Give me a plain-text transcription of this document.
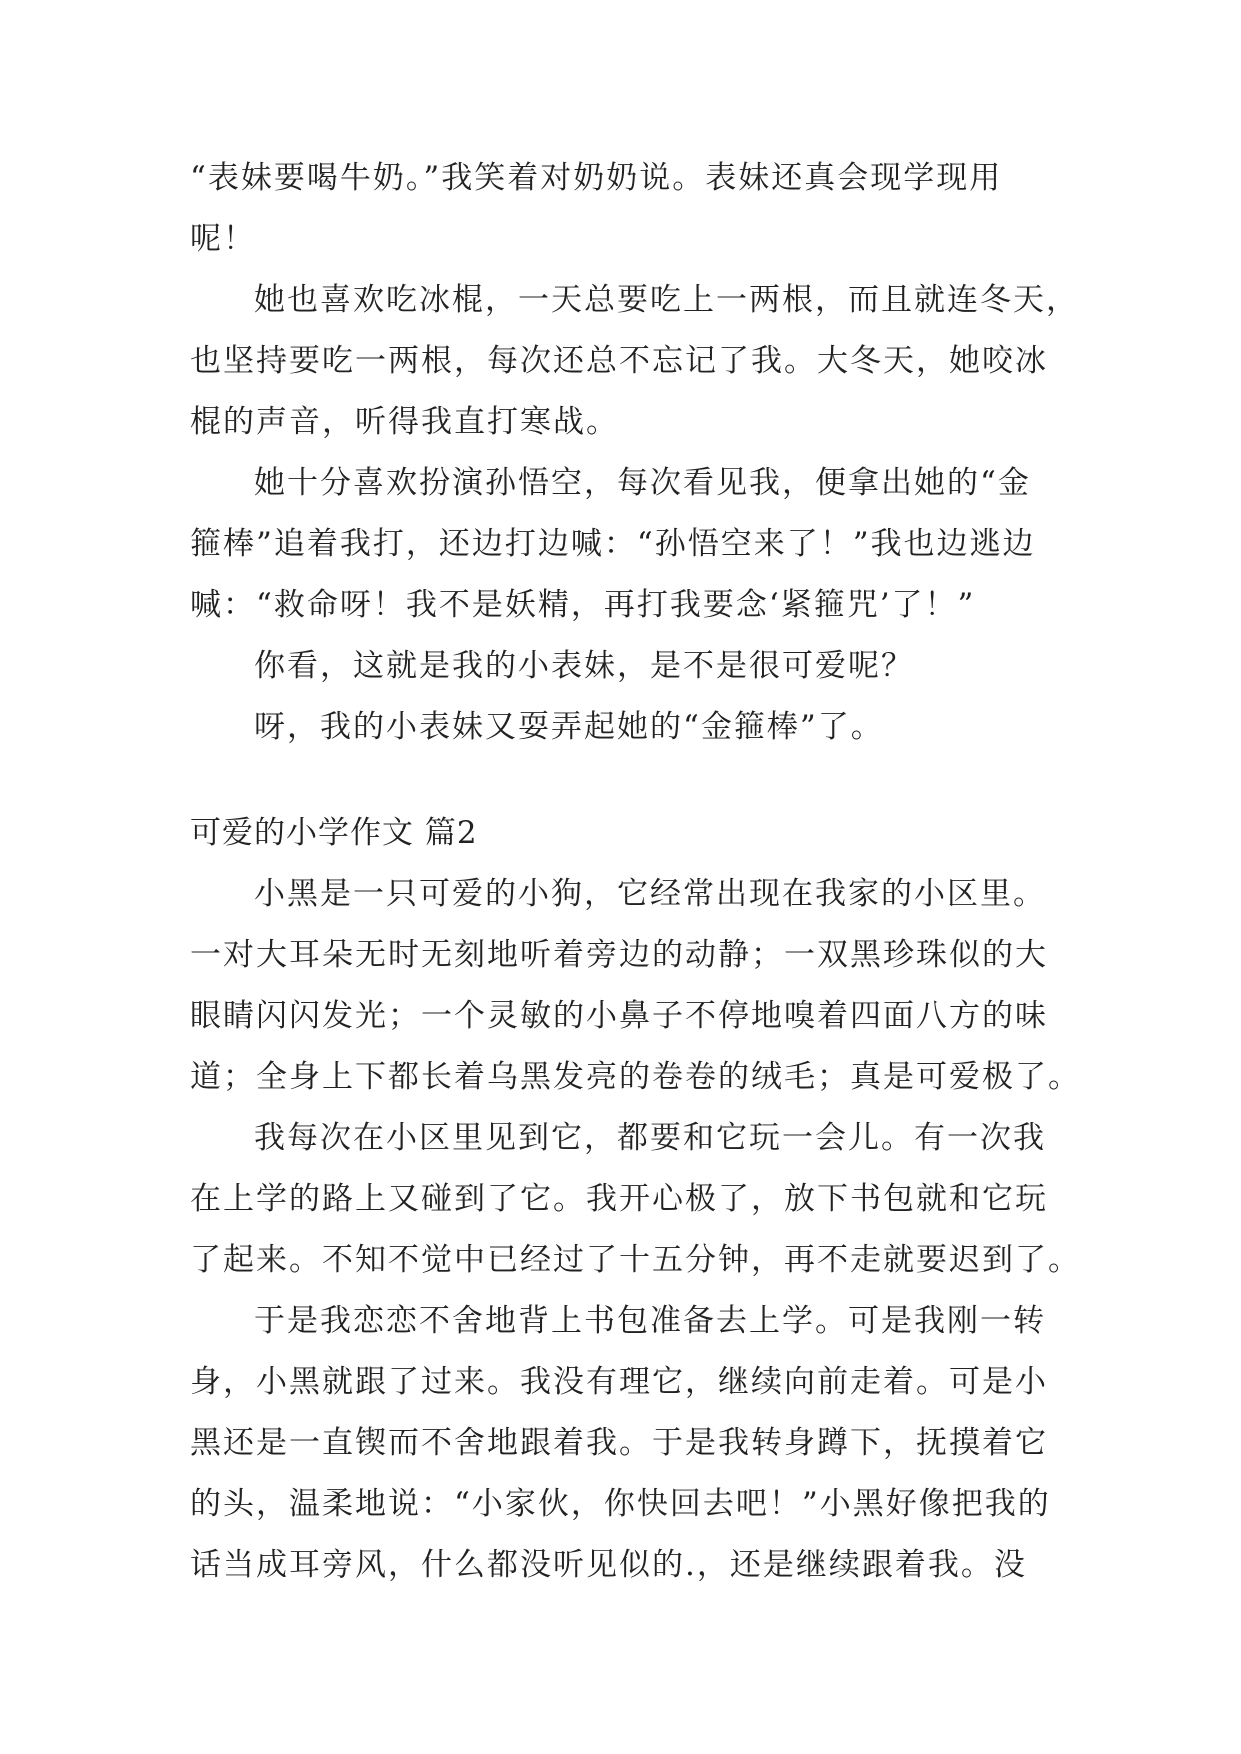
“表妹要喝牛奶。”我笑着对奶奶说。表妹还真会现学现用
呢！
她也喜欢吃冰棍，一天总要吃上一两根，而且就连冬天，
也坚持要吃一两根，每次还总不忘记了我。大冬天，她咬冰
棍的声音，听得我直打寒战。
她十分喜欢扮演孙悟空，每次看见我，便拿出她的“金
箍棒”追着我打，还边打边喊：“孙悟空来了！”我也边逃边
喊：“救命呀！我不是妖精，再打我要念‘紧箍咒’了！”
你看，这就是我的小表妹，是不是很可爱呢？
呀，我的小表妹又耍弄起她的“金箍棒”了。
可爱的小学作文 篇2
小黑是一只可爱的小狗，它经常出现在我家的小区里。
一对大耳朵无时无刻地听着旁边的动静；一双黑珍珠似的大
眼睛闪闪发光；一个灵敏的小鼻子不停地嗅着四面八方的味
道；全身上下都长着乌黑发亮的卷卷的绒毛；真是可爱极了。
我每次在小区里见到它，都要和它玩一会儿。有一次我
在上学的路上又碰到了它。我开心极了，放下书包就和它玩
了起来。不知不觉中已经过了十五分钟，再不走就要迟到了。
于是我恋恋不舍地背上书包准备去上学。可是我刚一转
身，小黑就跟了过来。我没有理它，继续向前走着。可是小
黑还是一直锲而不舍地跟着我。于是我转身蹲下，抚摸着它
的头，温柔地说：“小家伙，你快回去吧！”小黑好像把我的
话当成耳旁风，什么都没听见似的.，还是继续跟着我。没
